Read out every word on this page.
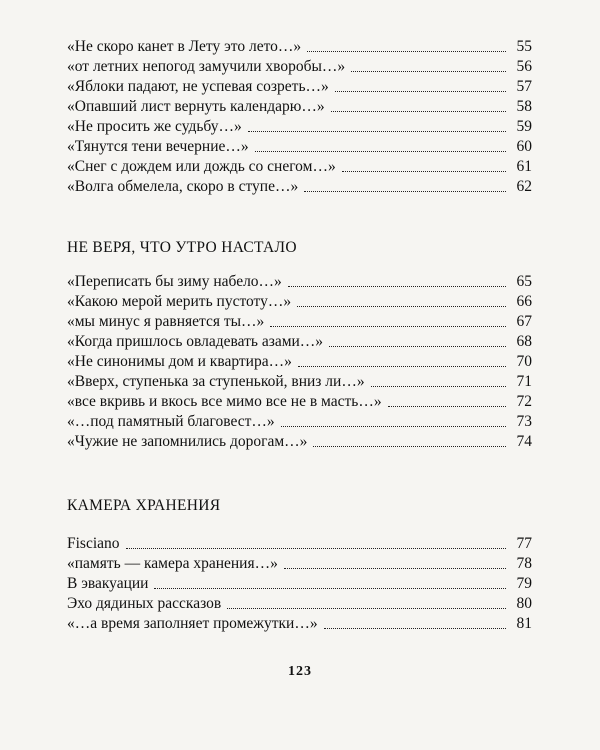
«Не скоро канет в Лету это лето…»	55
«от летних непогод замучили хворобы…»	56
«Яблоки падают, не успевая созреть…»	57
«Опавший лист вернуть календарю…»	58
«Не просить же судьбу…»	59
«Тянутся тени вечерние…»	60
«Снег с дождем или дождь со снегом…»	61
«Волга обмелела, скоро в ступе…»	62
НЕ ВЕРЯ, ЧТО УТРО НАСТАЛО
«Переписать бы зиму набело…»	65
«Какою мерой мерить пустоту…»	66
«мы минус я равняется ты…»	67
«Когда пришлось овладевать азами…»	68
«Не синонимы дом и квартира…»	70
«Вверх, ступенька за ступенькой, вниз ли…»	71
«все вкривь и вкось все мимо все не в масть…»	72
«…под памятный благовест…»	73
«Чужие не запомнились дорогам…»	74
КАМЕРА ХРАНЕНИЯ
Fisciano	77
«память — камера хранения…»	78
В эвакуации	79
Эхо дядиных рассказов	80
«…а время заполняет промежутки…»	81
123
